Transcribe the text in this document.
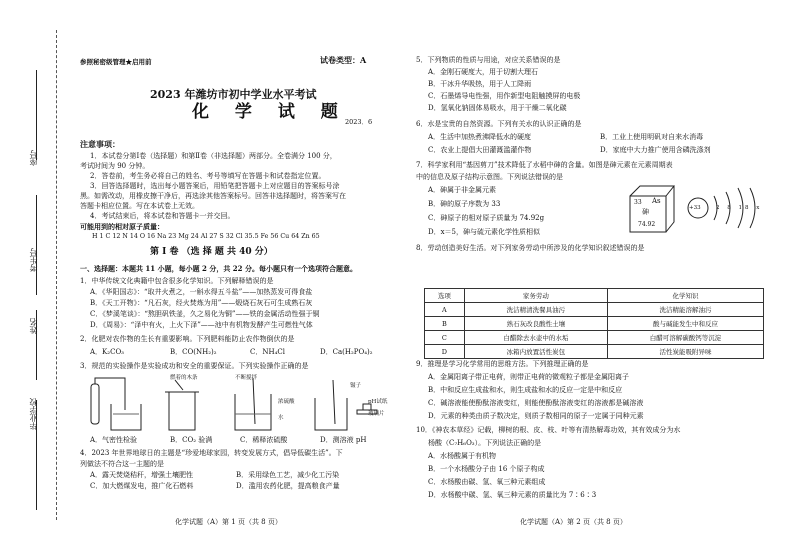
座号
考生号
姓名
毕业学校
参照秘密级管理★启用前	试卷类型：A
2023 年潍坊市初中学业水平考试
化 学 试 题
2023．6
注意事项：
1．本试卷分第Ⅰ卷（选择题）和第Ⅱ卷（非选择题）两部分。全卷满分 100 分，
考试时间为 90 分钟。
2．答卷前，考生务必将自己的姓名、考号等填写在答题卡和试卷指定位置。
3．回答选择题时，选出每小题答案后，用铅笔把答题卡上对应题目的答案标号涂
黑。如需改动，用橡皮擦干净后，再选涂其他答案标号。回答非选择题时，将答案写在
答题卡相应位置。写在本试卷上无效。
4．考试结束后，将本试卷和答题卡一并交回。
可能用到的相对原子质量：
H 1 C 12 N 14 O 16 Na 23 Mg 24 Al 27 S 32 Cl 35.5 Fe 56 Cu 64 Zn 65
第 Ⅰ 卷 （选 择 题 共 40 分）
一、选择题：本题共 11 小题，每小题 2 分，共 22 分。每小题只有一个选项符合题意。
1．中华传统文化典籍中包含很多化学知识。下列解释错误的是
A．《华阳国志》：“取井火煮之，一斛水得五斗盐”——加热蒸发可得食盐
B．《天工开物》：“凡石灰，经火焚炼为用”——煅烧石灰石可生成熟石灰
C．《梦溪笔谈》：“熬胆矾铁釜，久之易化为铜”——铁的金属活动性强于铜
D．《周易》：“泽中有火，上火下泽”——池中有机物发酵产生可燃性气体
2．化肥对农作物的生长有重要影响。下列肥料能防止农作物倒伏的是
A．K₂CO₃	B．CO(NH₂)₂	C．NH₄Cl	D．Ca(H₂PO₄)₂
3．规范的实验操作是实验成功和安全的重要保证。下列实验操作正确的是
燃着的木条	不断搅拌
浓硫酸
水
镊子
pH试纸
玻璃片
A．气密性检验	B．CO₂ 验满	C．稀释浓硫酸	D．测溶液 pH
4．2023 年世界地球日的主题是“珍爱地球家园，转变发展方式，倡导低碳生活”。下
列做法不符合这一主题的是
A．露天焚烧秸秆，增强土壤肥性	B．采用绿色工艺，减少化工污染
C．加大燃煤发电，推广化石燃料	D．滥用农药化肥，提高粮食产量
化学试题（A）第 1 页（共 8 页）
5．下列物质的性质与用途，对应关系错误的是
A．金刚石硬度大，用于切割大理石
B．干冰升华吸热，用于人工降雨
C．石墨烯导电性强，用作新型电阻触摸屏的电极
D．氢氧化钠固体易吸水，用于干燥二氧化碳
6．水是宝贵的自然资源。下列有关水的认识正确的是
A．生活中加热煮沸降低水的硬度	B．工业上使用明矾对自来水消毒
C．农业上提倡大田灌溉滥灌作物	D．家庭中大力推广使用含磷洗涤剂
7．科学家利用“基因剪刀”技术降低了水稻中砷的含量。如图是砷元素在元素周期表
中的信息及原子结构示意图。下列说法错误的是
A．砷属于非金属元素
B．砷的原子序数为 33
C．砷原子的相对原子质量为 74.92g
D．x＝5，砷与硫元素化学性质相似
33 As
砷
74.92
+33	2 8 18 x
8．劳动创造美好生活。对下列家务劳动中所涉及的化学知识叙述错误的是
选项	家务劳动	化学知识
A	洗洁精清洗餐具油污	洗洁精能溶解油污
B	熟石灰改良酸性土壤	酸与碱能发生中和反应
C	白醋除去水壶中的水垢	白醋可溶解碳酸钙等沉淀
D	冰箱内放置活性炭包	活性炭能吸附异味
9．推理是学习化学常用的思维方法。下列推理正确的是
A．金属阳离子带正电荷，则带正电荷的微观粒子都是金属阳离子
B．中和反应生成盐和水，则生成盐和水的反应一定是中和反应
C．碱溶液能使酚酞溶液变红，则能使酚酞溶液变红的溶液都是碱溶液
D．元素的种类由质子数决定，则质子数相同的原子一定属于同种元素
10．《神农本草经》记载，柳树的根、皮、枝、叶等有清热解毒功效，其有效成分为水
杨酸（C₇H₆O₃）。下列说法正确的是
A．水杨酸属于有机物
B．一个水杨酸分子由 16 个原子构成
C．水杨酸由碳、氢、氧三种元素组成
D．水杨酸中碳、氢、氧三种元素的质量比为 7∶6∶3
化学试题（A）第 2 页（共 8 页）
